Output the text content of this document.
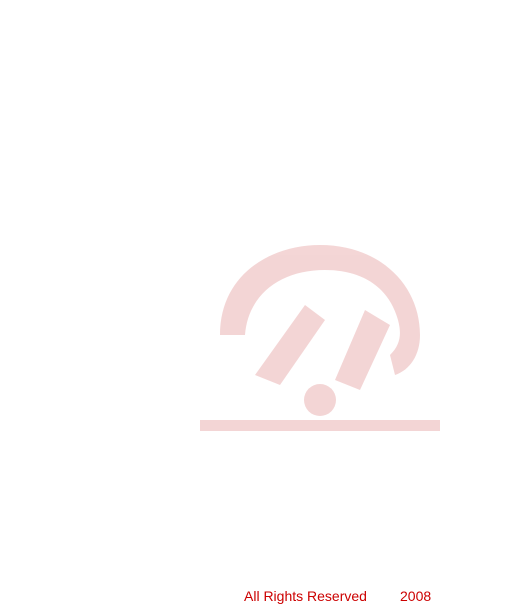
All Rights Reserved 2008
